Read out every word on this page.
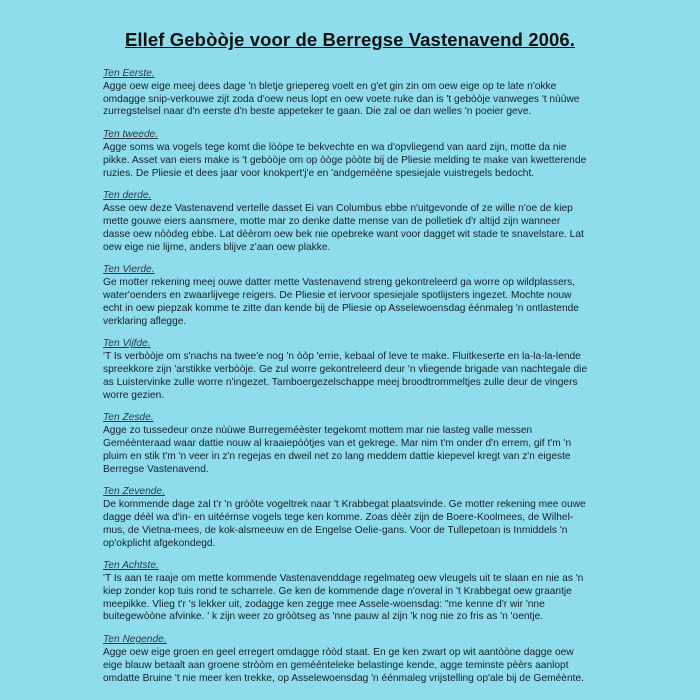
Ellef Gebòòje voor de Berregse Vastenavend 2006.
Ten Eerste.
Agge oew eige meej dees dage 'n bletje griepereg voelt en g'et gin zin om oew eige op te late n'okke
omdagge snip-verkouwe zijt zoda d'oew neus lopt en oew voete ruke dan is 't gebòòje vanweges 't nùùwe
zurregstelsel naar d'n eerste d'n beste appeteker te gaan. Die zal oe dan welles 'n poeier geve.
Ten tweede.
Agge soms wa vogels tege komt die lòòpe te bekvechte en wa d'opvliegend van aard zijn, motte da nie
pikke. Asset van eiers make is 't gebòòje om op òòge pòòte bij de Pliesie melding te make van kwetterende
ruzies. De Pliesie et dees jaar voor knokpert'j'e en 'andgeméène spesiejale vuistregels bedocht.
Ten derde.
Asse oew deze Vastenavend vertelle dasset Ei van Columbus ebbe n'uitgevonde of ze wille n'oe de kiep
mette gouwe eiers aansmere, motte mar zo denke datte mense van de polletiek d'r altijd zijn wanneer
dasse oew nòòdeg ebbe. Lat dèèrom oew bek nie opebreke want voor dagget wit stade te snavelstare. Lat
oew eige nie lijme, anders blijve z'aan oew plakke.
Ten Vierde.
Ge motter rekening meej ouwe datter mette Vastenavend streng gekontreleerd ga worre op wildplassers,
water'oenders en zwaarlijvege reigers. De Pliesie et iervoor spesiejale spotlijsters ingezet. Mochte nouw
echt in oew piepzak komme te zitte dan kende bij de Pliesie op Asselewoensdag éénmaleg 'n ontlastende
verklaring aflegge.
Ten Vijfde.
'T Is verbòòje om s'nachs na twee'e nog 'n òòp 'errie, kebaal of leve te make. Fluitkeserte en la-la-la-lende
spreekkore zijn 'arstikke verbòòje. Ge zul worre gekontreleerd deur 'n vliegende brigade van nachtegale die
as Luistervinke zulle worre n'ingezet. Tamboergezelschappe meej broodtrommeltjes zulle deur de vingers
worre gezien.
Ten Zesde.
Agge zo tussedeur onze nùùwe Burregeméèster tegekomt mottem mar nie lasteg valle messen
Geméènteraad waar dattie nouw al kraaiepòòtjes van et gekrege. Mar nim t'm onder d'n errem, gif t'm 'n
pluim en stik t'm 'n veer in z'n regejas en dweil net zo lang meddem dattie kiepevel kregt van z'n eigeste
Berregse Vastenavend.
Ten Zevende.
De kommende dage zal t'r 'n gròòte vogeltrek naar 't Krabbegat plaatsvinde. Ge motter rekening mee ouwe
dagge déèl wa d'in- en uitéémse vogels tege ken komme. Zoas dèèr zijn de Boere-Koolmees, de Wilhel-
mus, de Vietna-mees, de kok-alsmeeuw en de Engelse Oelie-gans. Voor de Tullepetoan is Inmiddels 'n
op'okplicht afgekondegd.
Ten Achtste.
'T Is aan te raaje om mette kommende Vastenavenddage regelmateg oew vleugels uit te slaan en nie as 'n
kiep zonder kop tuis rond te scharrele. Ge ken de kommende dage n'overal in 't Krabbegat oew graantje
meepikke. Vlieg t'r 's lekker uit, zodagge ken zegge mee Assele-woensdag: "me kenne d'r wir 'nne
buitegewòòne afvinke. ' k zijn weer zo gròòtseg as 'nne pauw al zijn 'k nog nie zo fris as 'n 'oentje.
Ten Negende.
Agge oew eige groen en geel erregert omdagge ròòd staat. En ge ken zwart op wit aantòòne dagge oew
eige blauw betaalt aan groene stròòm en geméénteleke belastinge kende, agge teminste pèèrs aanlopt
omdatte Bruine 't nie meer ken trekke, op Asselewoensdag 'n éénmaleg vrijstelling op'ale bij de Geméènte.
